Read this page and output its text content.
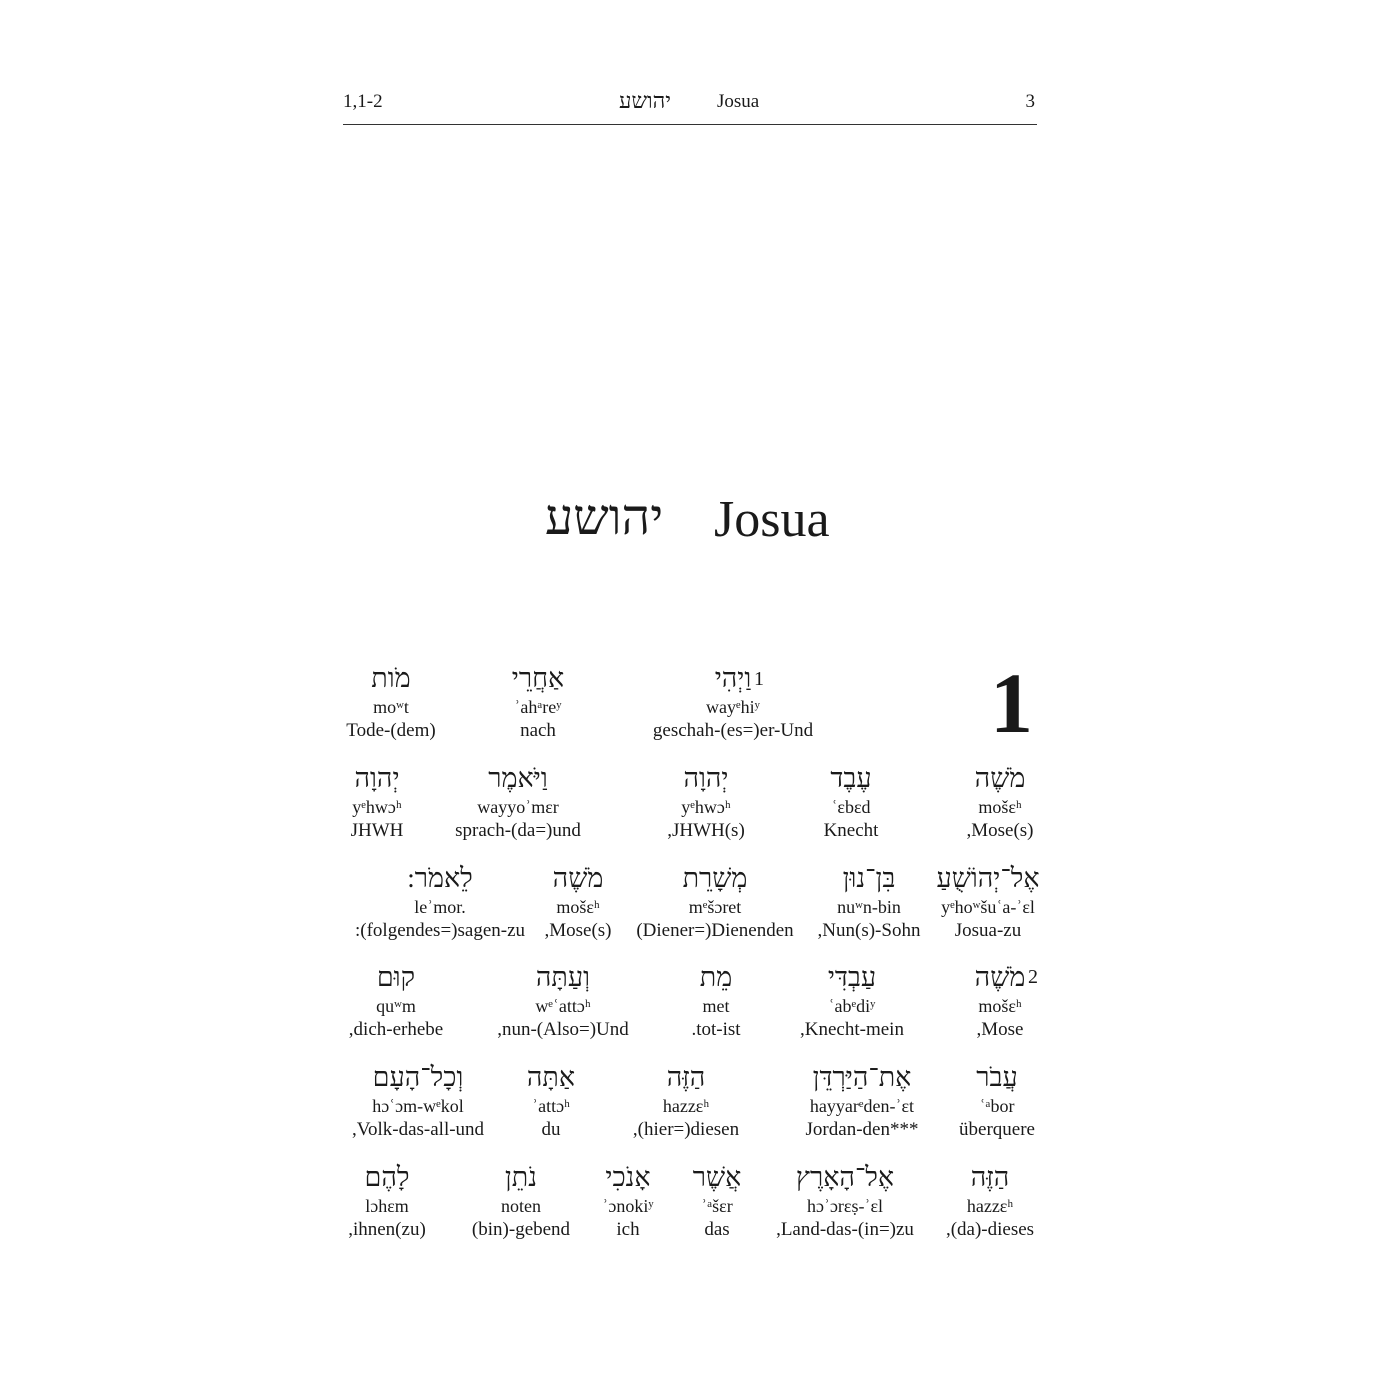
1,1-2	יהושע Josua	3
יהושע Josua
1
1
2
מֹות
moʷt
Tode-(dem)
אַחֲרֵי
ʾahᵃreʸ
nach
וַיְהִי
wayᵉhiʸ
geschah-(es=)er-Und
יְהוָה
yᵉhwɔʰ
JHWH
וַיֹּאמֶר
wayyoʾmɛr
sprach-(da=)und
יְהוָה
yᵉhwɔʰ
,JHWH(s)
עֶבֶד
ʿɛbɛd
Knecht
מֹשֶׁה
mošɛʰ
,Mose(s)
לֵאמֹר:
leʾmor.
:(folgendes=)sagen-zu
מֹשֶׁה
mošɛʰ
,Mose(s)
מְשָׁרֵת
mᵉšɔret
(Diener=)Dienenden
בִּן־נוּן
nuʷn-bin
,Nun(s)-Sohn
אֶל־יְהוֹשֻׁעַ
yᵉhoʷšuʿa-ʾɛl
Josua-zu
קוּם
quʷm
,dich-erhebe
וְעַתָּה
wᵉʿattɔʰ
,nun-(Also=)Und
מֵת
met
.tot-ist
עַבְדִּי
ʿabᵉdiʸ
,Knecht-mein
מֹשֶׁה
mošɛʰ
,Mose
וְכָל־הָעָם
hɔʿɔm-wᵉkol
,Volk-das-all-und
אַתָּה
ʾattɔʰ
du
הַזֶּה
hazzɛʰ
,(hier=)diesen
אֶת־הַיַּרְדֵּן
hayyarᵉden-ʾɛt
Jordan-den***
עֲבֹר
ʿᵃbor
überquere
לָהֶם
lɔhɛm
,ihnen(zu)
נֹתֵן
noten
(bin)-gebend
אָנֹכִי
ʾɔnokiʸ
ich
אֲשֶׁר
ʾᵃšɛr
das
אֶל־הָאָרֶץ
hɔʾɔrɛṣ-ʾɛl
,Land-das-(in=)zu
הַזֶּה
hazzɛʰ
,(da)-dieses
